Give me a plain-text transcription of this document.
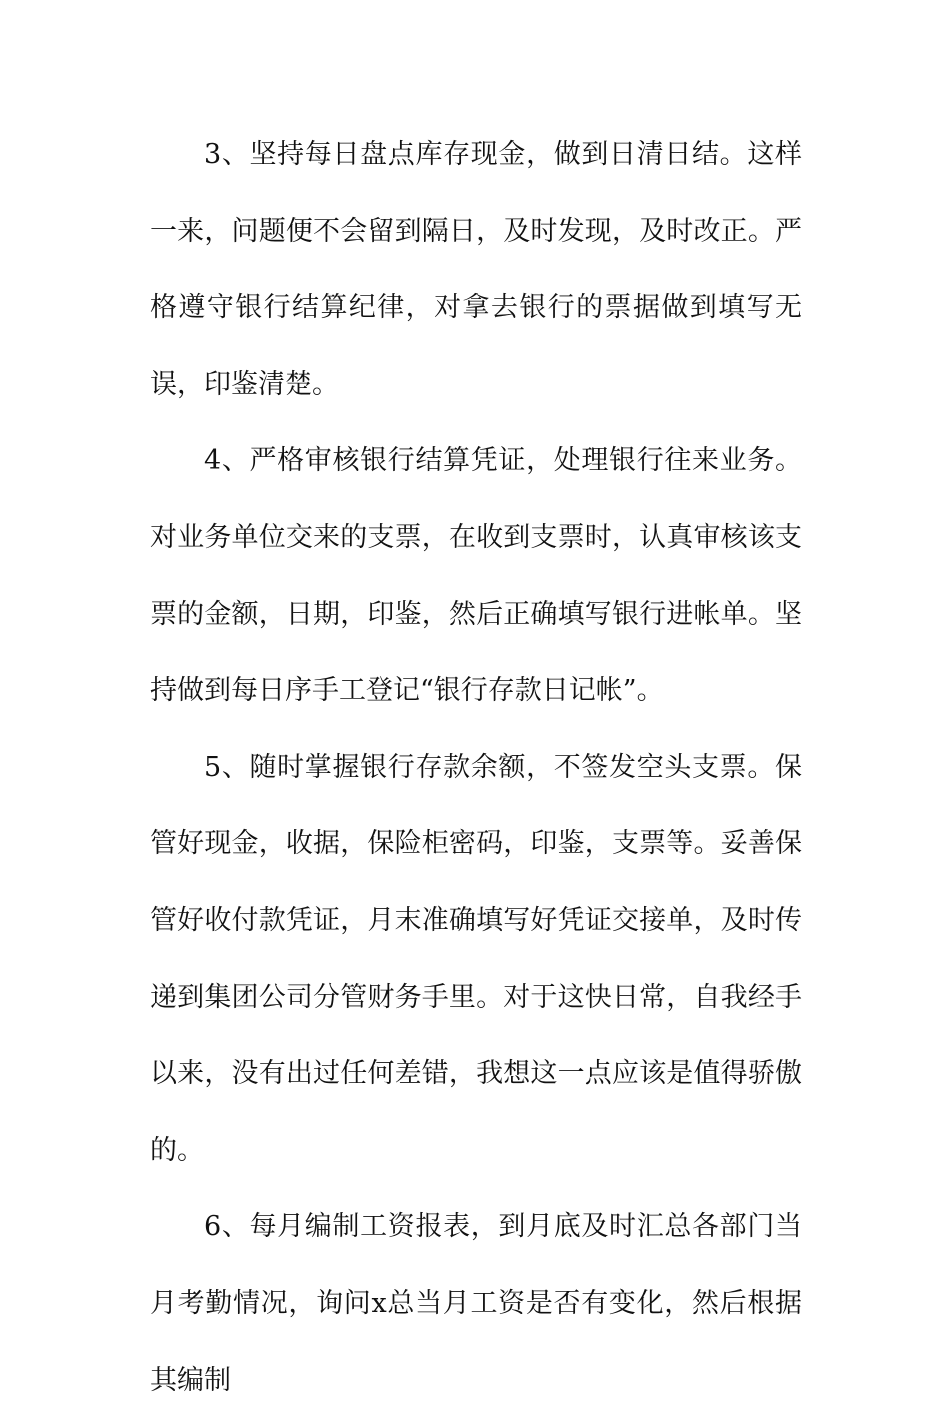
3、坚持每日盘点库存现金，做到日清日结。这样一来，问题便不会留到隔日，及时发现，及时改正。严格遵守银行结算纪律，对拿去银行的票据做到填写无误，印鉴清楚。

4、严格审核银行结算凭证，处理银行往来业务。对业务单位交来的支票，在收到支票时，认真审核该支票的金额，日期，印鉴，然后正确填写银行进帐单。坚持做到每日序手工登记“银行存款日记帐”。

5、随时掌握银行存款余额，不签发空头支票。保管好现金，收据，保险柜密码，印鉴，支票等。妥善保管好收付款凭证，月末准确填写好凭证交接单，及时传递到集团公司分管财务手里。对于这快日常，自我经手以来，没有出过任何差错，我想这一点应该是值得骄傲的。

6、每月编制工资报表，到月底及时汇总各部门当月考勤情况，询问x总当月工资是否有变化，然后根据其编制
